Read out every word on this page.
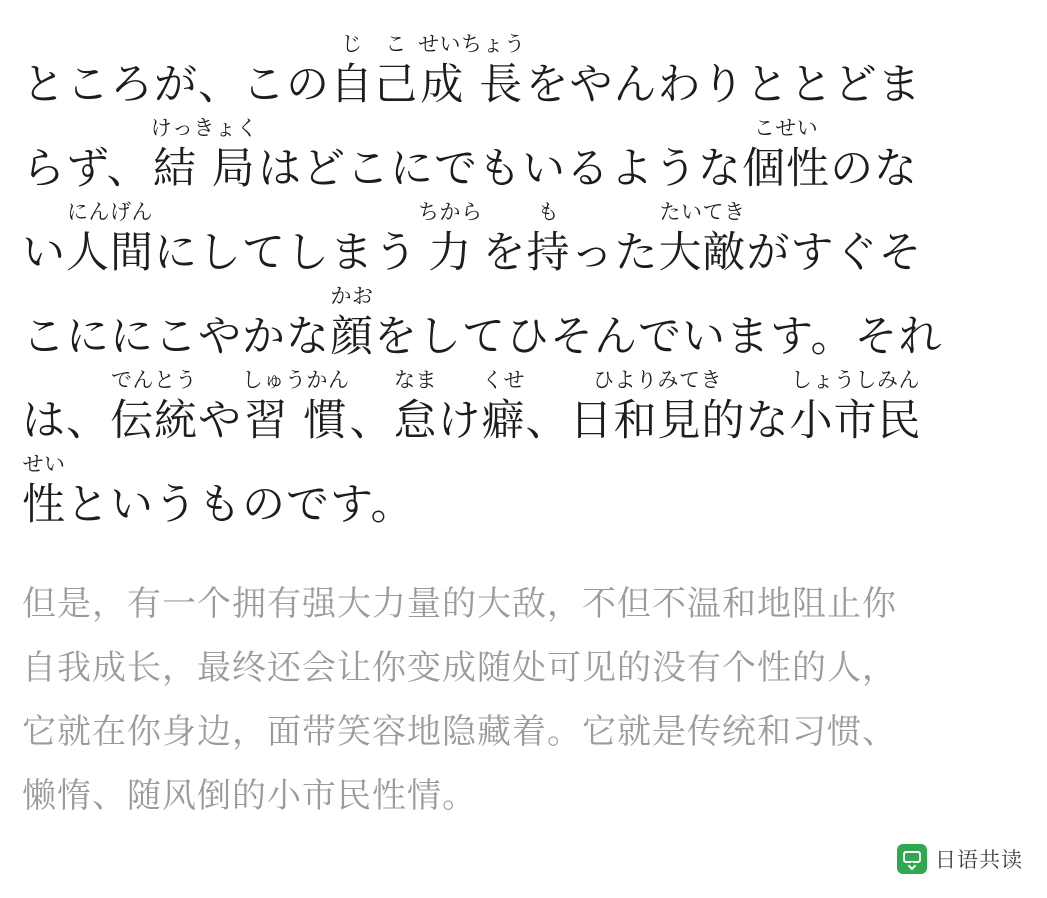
ところが、この
じ
自
こ
己
せいちょう
成 長 をやんわりととどま
らず、
けっきょく
結 局 はどこにでもいるような
こせい
個性 のな
い
にんげん
人間 にしてしまう
ちから
力 を
も
持 った
たいてき
大敵 がすぐそ
こににこやかな
かお
顔 をしてひそんでいます。それ
は、
でんとう
伝統 や
しゅうかん
習 慣 、
なま
怠 け
くせ
癖 、
ひよりみてき
日和見的 な
しょうしみん
小市民
せい
性 というものです。
但是，有一个拥有强大力量的大敌，不但不温和地阻止你
自我成长，最终还会让你变成随处可见的没有个性的人，
它就在你身边，面带笑容地隐藏着。它就是传统和习惯、
懒惰、随风倒的小市民性情。
日语共读
